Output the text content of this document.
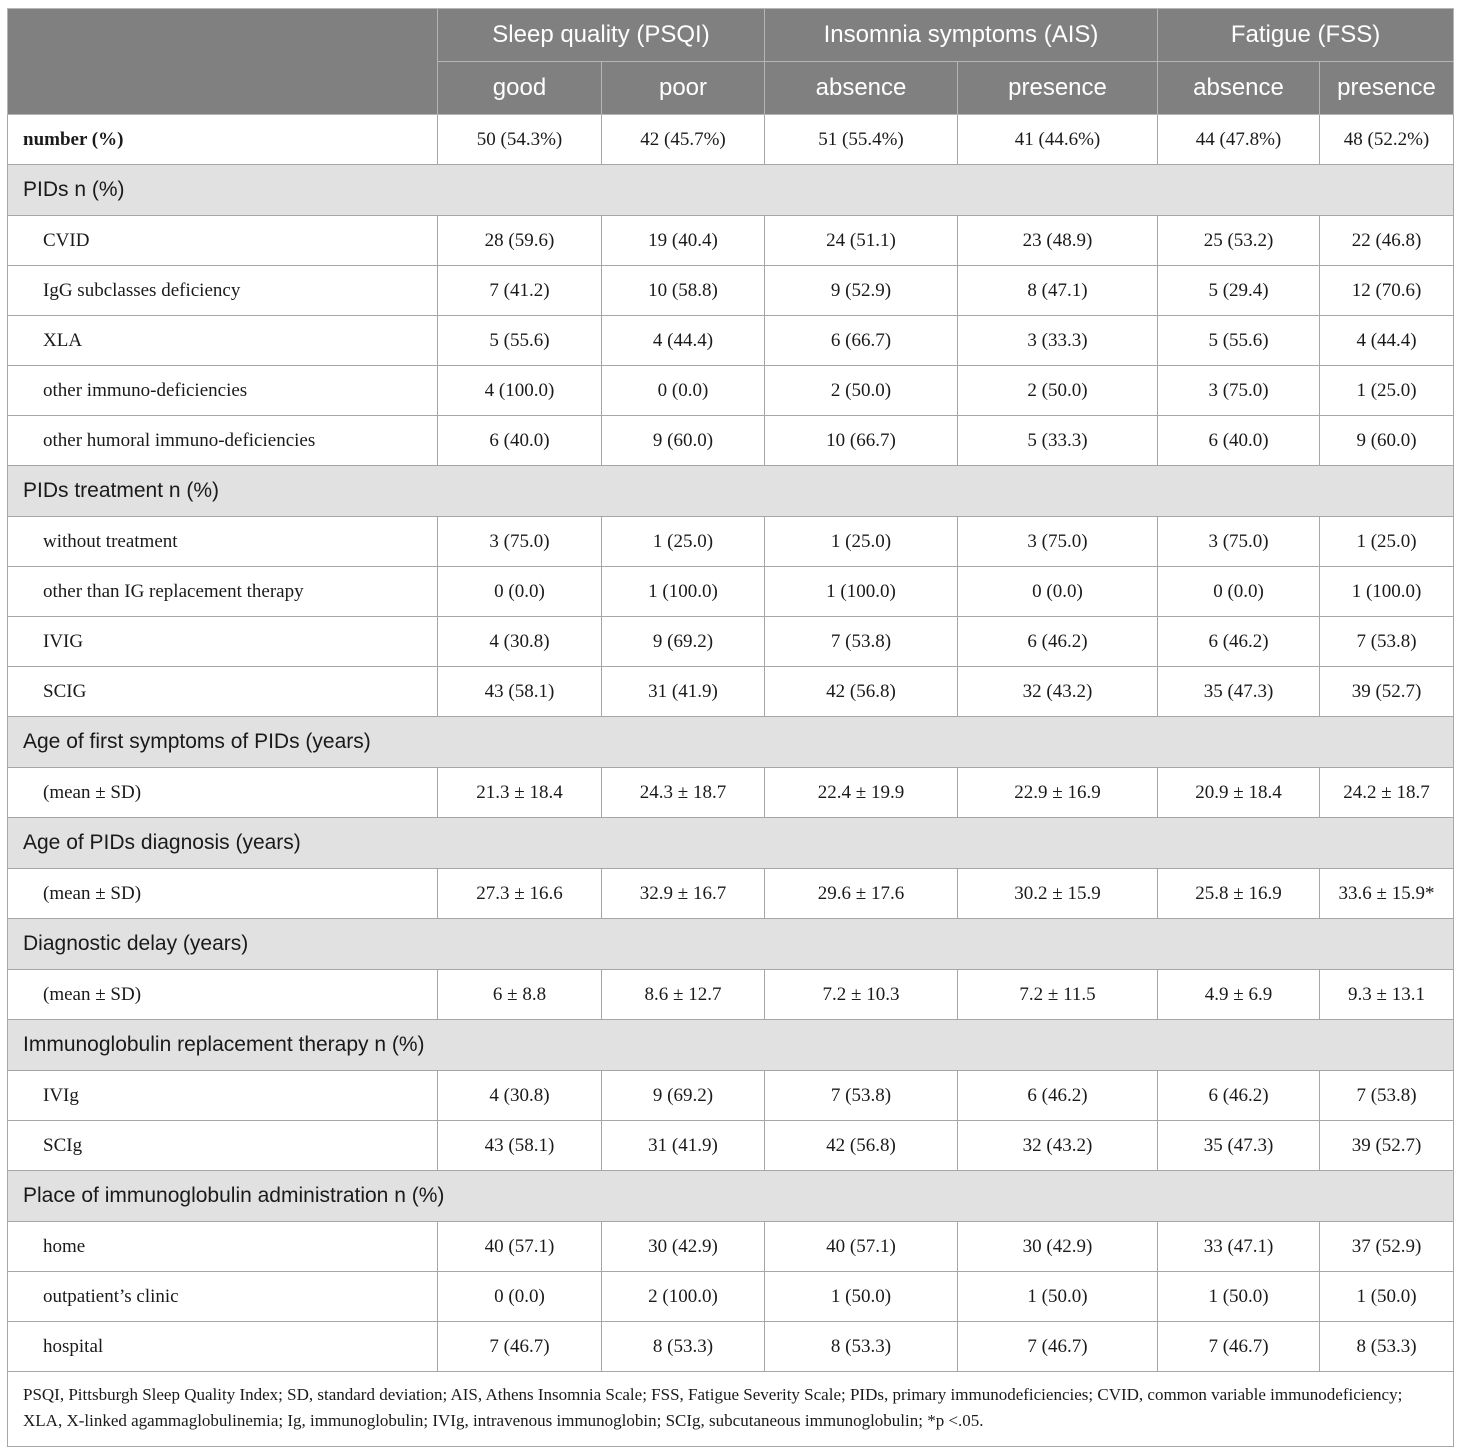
	Sleep quality (PSQI)		Insomnia symptoms (AIS)		Fatigue (FSS)	
	good	poor	absence	presence	absence	presence
number (%)	50 (54.3%)	42 (45.7%)	51 (55.4%)	41 (44.6%)	44 (47.8%)	48 (52.2%)
PIDs n (%)						
CVID	28 (59.6)	19 (40.4)	24 (51.1)	23 (48.9)	25 (53.2)	22 (46.8)
IgG subclasses deficiency	7 (41.2)	10 (58.8)	9 (52.9)	8 (47.1)	5 (29.4)	12 (70.6)
XLA	5 (55.6)	4 (44.4)	6 (66.7)	3 (33.3)	5 (55.6)	4 (44.4)
other immuno-deficiencies	4 (100.0)	0 (0.0)	2 (50.0)	2 (50.0)	3 (75.0)	1 (25.0)
other humoral immuno-deficiencies	6 (40.0)	9 (60.0)	10 (66.7)	5 (33.3)	6 (40.0)	9 (60.0)
PIDs treatment n (%)						
without treatment	3 (75.0)	1 (25.0)	1 (25.0)	3 (75.0)	3 (75.0)	1 (25.0)
other than IG replacement therapy	0 (0.0)	1 (100.0)	1 (100.0)	0 (0.0)	0 (0.0)	1 (100.0)
IVIG	4 (30.8)	9 (69.2)	7 (53.8)	6 (46.2)	6 (46.2)	7 (53.8)
SCIG	43 (58.1)	31 (41.9)	42 (56.8)	32 (43.2)	35 (47.3)	39 (52.7)
Age of first symptoms of PIDs (years)						
(mean ± SD)	21.3 ± 18.4	24.3 ± 18.7	22.4 ± 19.9	22.9 ± 16.9	20.9 ± 18.4	24.2 ± 18.7
Age of PIDs diagnosis (years)						
(mean ± SD)	27.3 ± 16.6	32.9 ± 16.7	29.6 ± 17.6	30.2 ± 15.9	25.8 ± 16.9	33.6 ± 15.9*
Diagnostic delay (years)						
(mean ± SD)	6 ± 8.8	8.6 ± 12.7	7.2 ± 10.3	7.2 ± 11.5	4.9 ± 6.9	9.3 ± 13.1
Immunoglobulin replacement therapy n (%)						
IVIg	4 (30.8)	9 (69.2)	7 (53.8)	6 (46.2)	6 (46.2)	7 (53.8)
SCIg	43 (58.1)	31 (41.9)	42 (56.8)	32 (43.2)	35 (47.3)	39 (52.7)
Place of immunoglobulin administration n (%)						
home	40 (57.1)	30 (42.9)	40 (57.1)	30 (42.9)	33 (47.1)	37 (52.9)
outpatient’s clinic	0 (0.0)	2 (100.0)	1 (50.0)	1 (50.0)	1 (50.0)	1 (50.0)
hospital	7 (46.7)	8 (53.3)	8 (53.3)	7 (46.7)	7 (46.7)	8 (53.3)
PSQI, Pittsburgh Sleep Quality Index; SD, standard deviation; AIS, Athens Insomnia Scale; FSS, Fatigue Severity Scale; PIDs, primary immunodeficiencies; CVID, common variable immunodeficiency; XLA, X-linked agammaglobulinemia; Ig, immunoglobulin; IVIg, intravenous immunoglobin; SCIg, subcutaneous immunoglobulin; *p <.05.						
